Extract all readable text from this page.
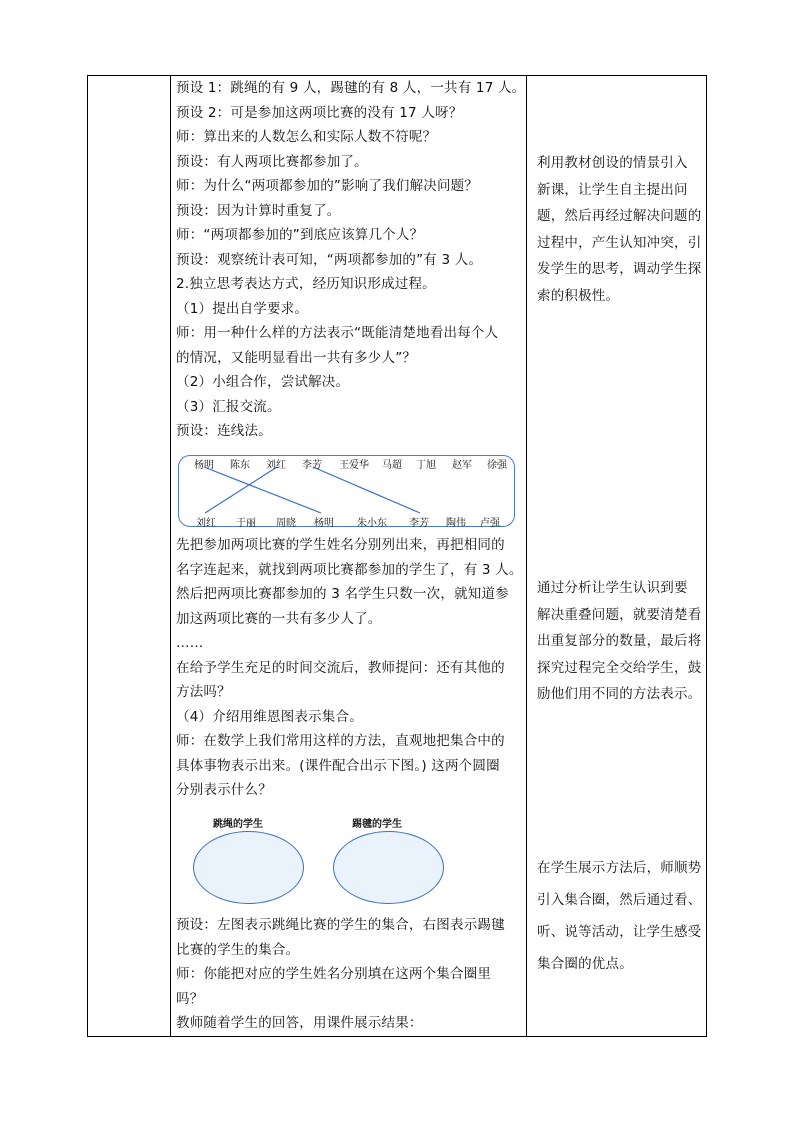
预设 1：跳绳的有 9 人，踢毽的有 8 人，一共有 17 人。
预设 2：可是参加这两项比赛的没有 17 人呀？
师：算出来的人数怎么和实际人数不符呢？
预设：有人两项比赛都参加了。
师：为什么“两项都参加的”影响了我们解决问题？
预设：因为计算时重复了。
师：“两项都参加的”到底应该算几个人？
预设：观察统计表可知，“两项都参加的”有 3 人。
2.独立思考表达方式，经历知识形成过程。
（1）提出自学要求。
师：用一种什么样的方法表示“既能清楚地看出每个人
的情况，又能明显看出一共有多少人”？
（2）小组合作，尝试解决。
（3）汇报交流。
预设：连线法。
杨明 陈东 刘红 李芳 王爱华 马超 丁旭 赵军 徐强
刘红 于丽 周晓 杨明 朱小东 李芳 陶伟 卢强
先把参加两项比赛的学生姓名分别列出来，再把相同的
名字连起来，就找到两项比赛都参加的学生了，有 3 人。
然后把两项比赛都参加的 3 名学生只数一次，就知道参
加这两项比赛的一共有多少人了。
……
在给予学生充足的时间交流后，教师提问：还有其他的
方法吗？
（4）介绍用维恩图表示集合。
师：在数学上我们常用这样的方法，直观地把集合中的
具体事物表示出来。(课件配合出示下图。) 这两个圆圈
分别表示什么？
跳绳的学生	踢毽的学生
预设：左图表示跳绳比赛的学生的集合，右图表示踢毽
比赛的学生的集合。
师：你能把对应的学生姓名分别填在这两个集合圈里
吗？
教师随着学生的回答，用课件展示结果：
利用教材创设的情景引入
新课，让学生自主提出问
题，然后再经过解决问题的
过程中，产生认知冲突，引
发学生的思考，调动学生探
索的积极性。
通过分析让学生认识到要
解决重叠问题，就要清楚看
出重复部分的数量，最后将
探究过程完全交给学生，鼓
励他们用不同的方法表示。
在学生展示方法后，师顺势
引入集合圈，然后通过看、
听、说等活动，让学生感受
集合圈的优点。
